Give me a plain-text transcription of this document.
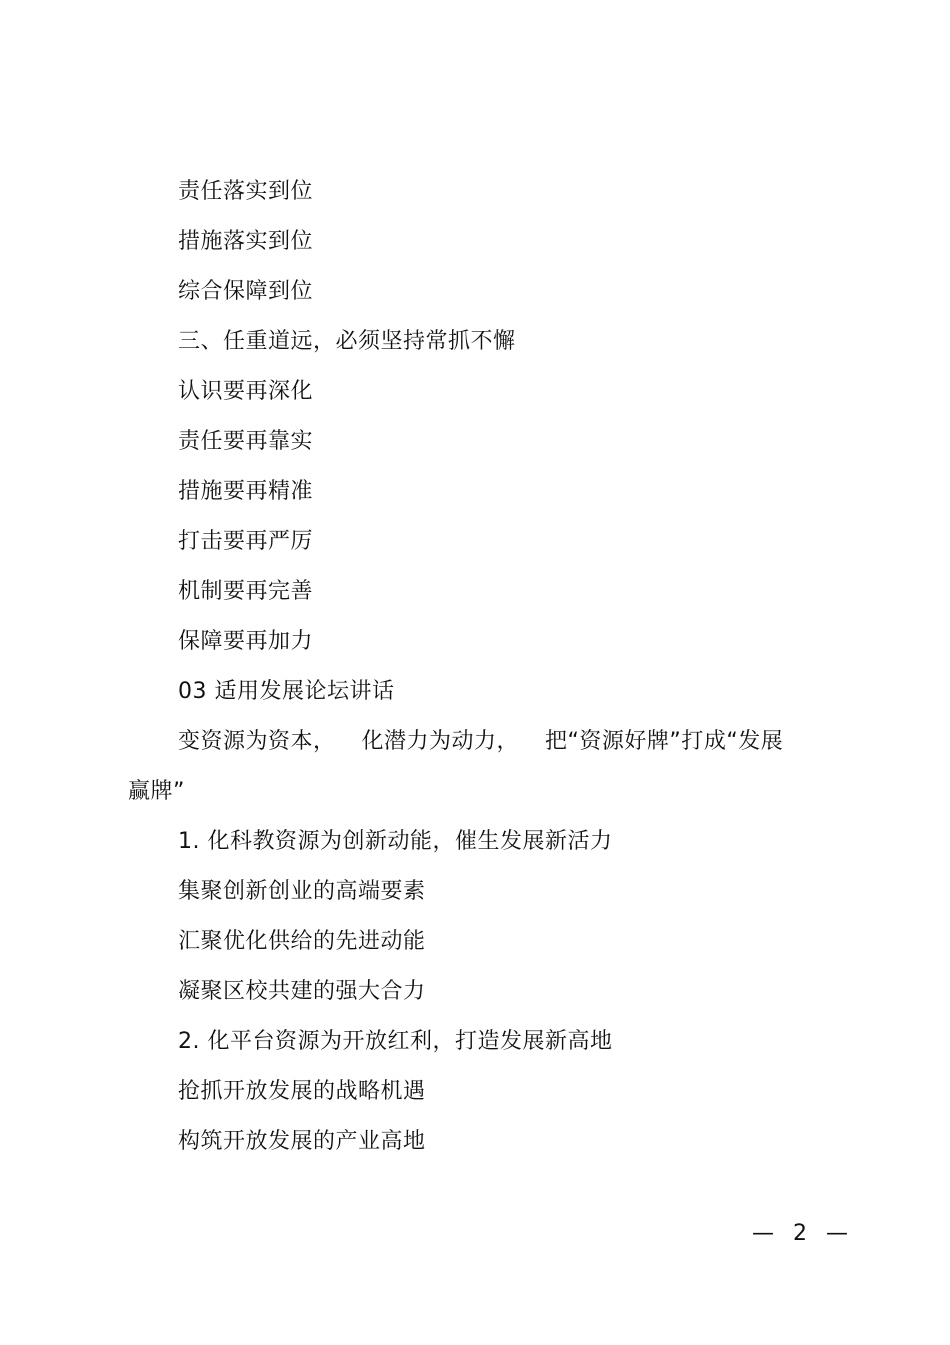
责任落实到位
措施落实到位
综合保障到位
三、任重道远，必须坚持常抓不懈
认识要再深化
责任要再靠实
措施要再精准
打击要再严厉
机制要再完善
保障要再加力
03 适用发展论坛讲话
变资源为资本， 化潜力为动力， 把“资源好牌”打成“发展
赢牌”
1. 化科教资源为创新动能，催生发展新活力
集聚创新创业的高端要素
汇聚优化供给的先进动能
凝聚区校共建的强大合力
2. 化平台资源为开放红利，打造发展新高地
抢抓开放发展的战略机遇
构筑开放发展的产业高地
— 2 —
